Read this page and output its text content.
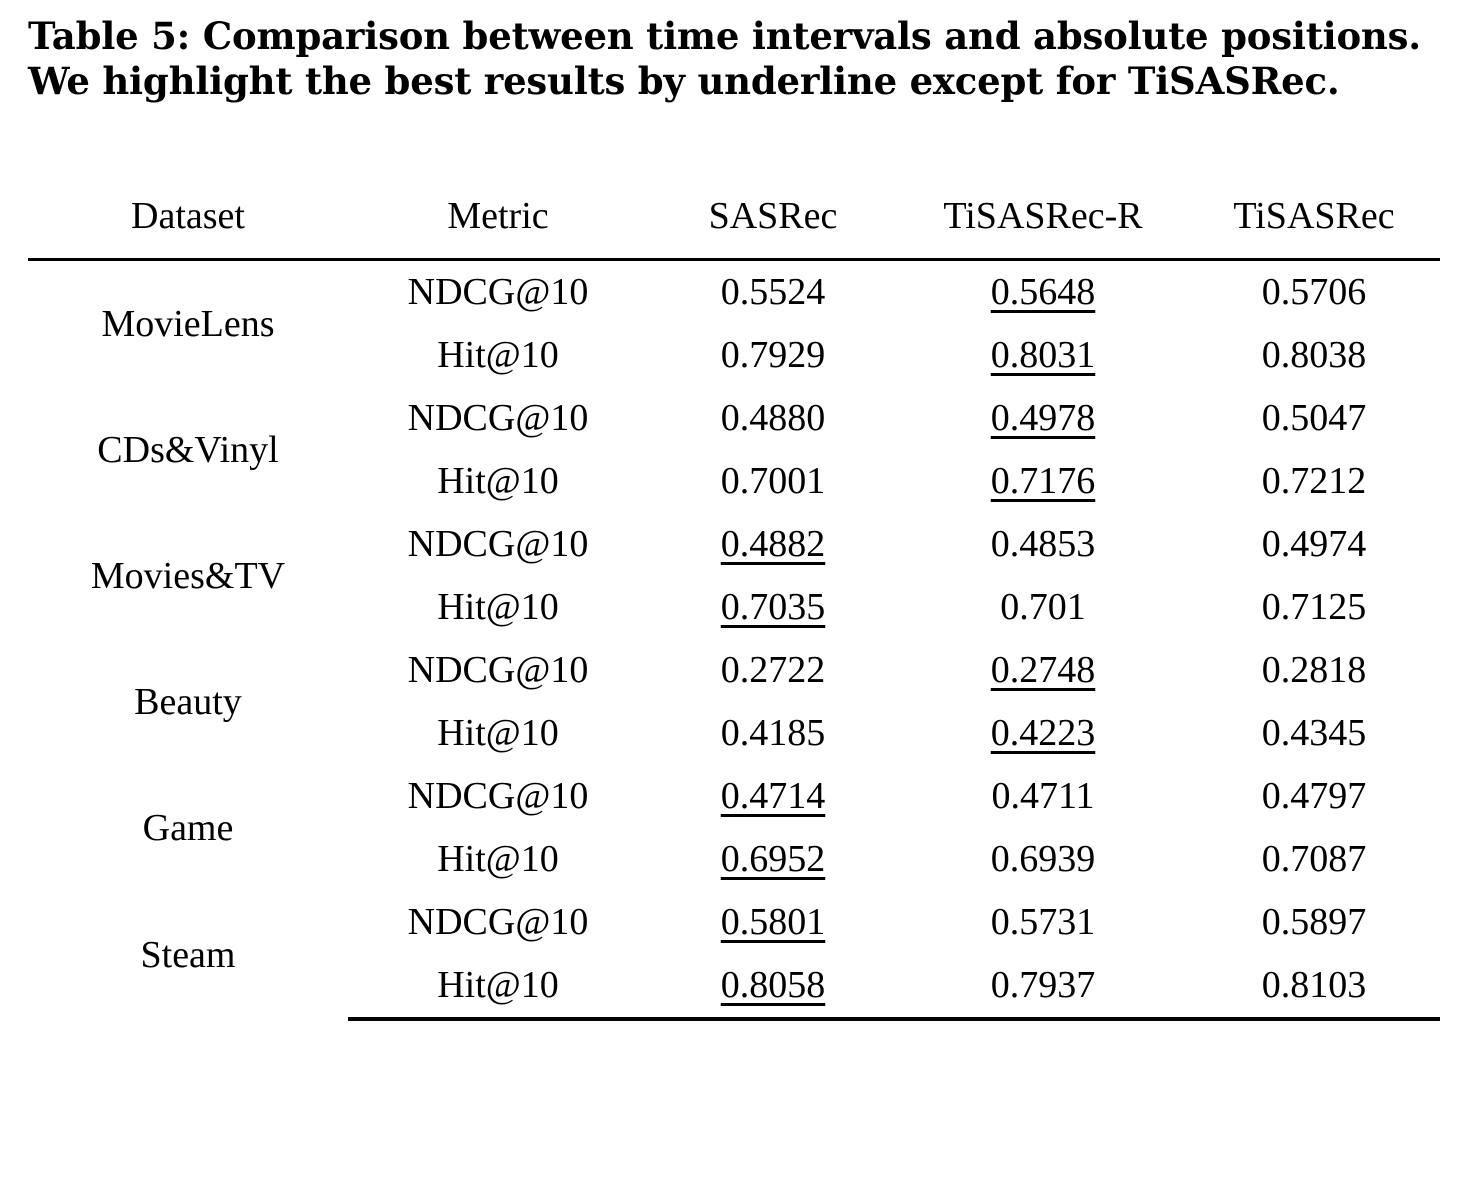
Table 5: Comparison between time intervals and absolute positions. We highlight the best results by underline except for TiSASRec.
Dataset	Metric	SASRec	TiSASRec-R	TiSASRec
MovieLens	NDCG@10	0.5524	0.5648	0.5706
	Hit@10	0.7929	0.8031	0.8038
CDs&Vinyl	NDCG@10	0.4880	0.4978	0.5047
	Hit@10	0.7001	0.7176	0.7212
Movies&TV	NDCG@10	0.4882	0.4853	0.4974
	Hit@10	0.7035	0.701	0.7125
Beauty	NDCG@10	0.2722	0.2748	0.2818
	Hit@10	0.4185	0.4223	0.4345
Game	NDCG@10	0.4714	0.4711	0.4797
	Hit@10	0.6952	0.6939	0.7087
Steam	NDCG@10	0.5801	0.5731	0.5897
	Hit@10	0.8058	0.7937	0.8103
